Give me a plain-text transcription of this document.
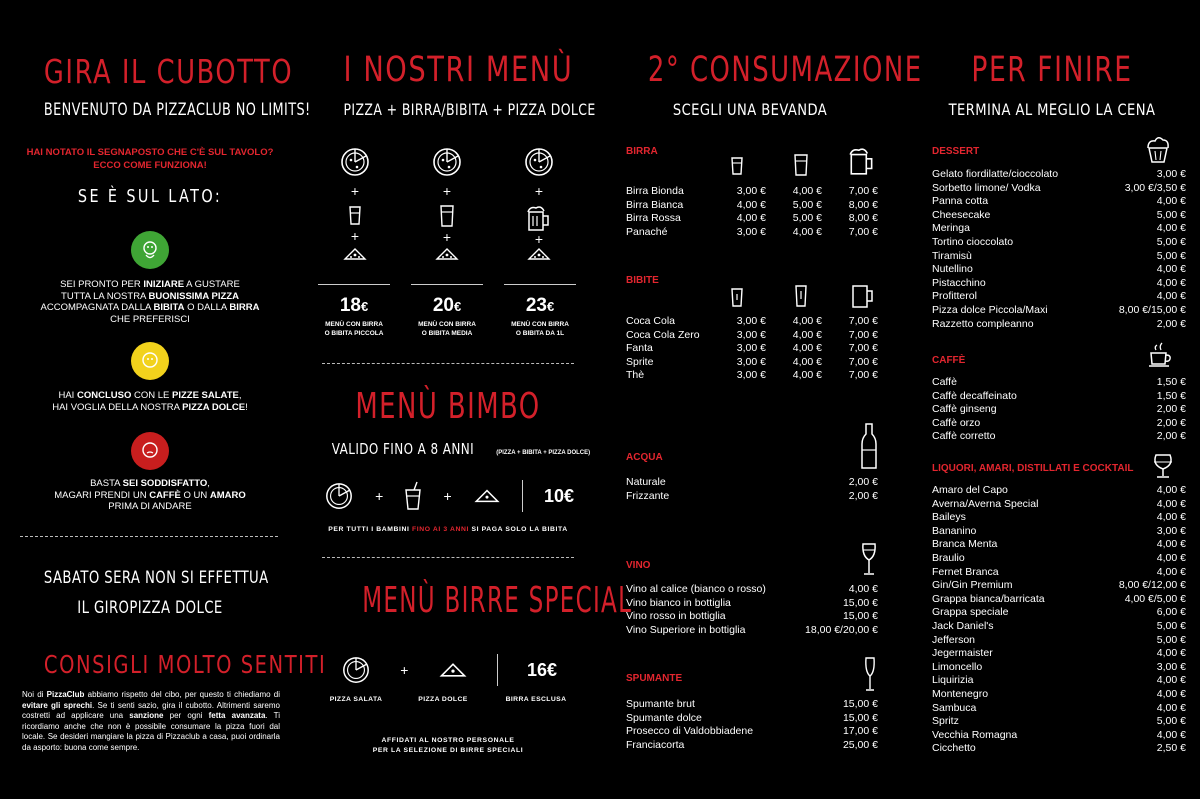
GIRA IL CUBOTTO
BENVENUTO DA PIZZACLUB NO LIMITS!
HAI NOTATO IL SEGNAPOSTO CHE C'È SUL TAVOLO?
ECCO COME FUNZIONA!
SE È SUL LATO:
SEI PRONTO PER INIZIARE A GUSTARE
TUTTA LA NOSTRA BUONISSIMA PIZZA
ACCOMPAGNATA DALLA BIBITA O DALLA BIRRA
CHE PREFERISCI
HAI CONCLUSO CON LE PIZZE SALATE,
HAI VOGLIA DELLA NOSTRA PIZZA DOLCE!
BASTA SEI SODDISFATTO,
MAGARI PRENDI UN CAFFÈ O UN AMARO
PRIMA DI ANDARE
SABATO SERA NON SI EFFETTUA
IL GIROPIZZA DOLCE
CONSIGLI MOLTO SENTITI
Noi di PizzaClub abbiamo rispetto del cibo, per questo ti chiediamo di evitare gli sprechi. Se ti senti sazio, gira il cubotto. Altrimenti saremo costretti ad applicare una sanzione per ogni fetta avanzata. Ti ricordiamo anche che non è possibile consumare la pizza fuori dal locale. Se desideri mangiare la pizza di Pizzaclub a casa, puoi ordinarla da asporto: buona come sempre.
I NOSTRI MENÙ
PIZZA + BIRRA/BIBITA + PIZZA DOLCE
+
+
+
+
+
+
18€
MENÙ CON BIRRA
O BIBITA PICCOLA
20€
MENÙ CON BIRRA
O BIBITA MEDIA
23€
MENÙ CON BIRRA
O BIBITA DA 1L
MENÙ BIMBO
VALIDO FINO A 8 ANNI	(PIZZA + BIBITA + PIZZA DOLCE)
+	+	10€
PER TUTTI I BAMBINI FINO AI 3 ANNI SI PAGA SOLO LA BIBITA
MENÙ BIRRE SPECIAL
+	16€
PIZZA SALATA	PIZZA DOLCE	BIRRA ESCLUSA
AFFIDATI AL NOSTRO PERSONALE
PER LA SELEZIONE DI BIRRE SPECIALI
2° CONSUMAZIONE
SCEGLI UNA BEVANDA
BIRRA
Birra Bionda	3,00 €	4,00 €	7,00 €
Birra Bianca	4,00 €	5,00 €	8,00 €
Birra Rossa	4,00 €	5,00 €	8,00 €
Panaché	3,00 €	4,00 €	7,00 €
BIBITE
Coca Cola	3,00 €	4,00 €	7,00 €
Coca Cola Zero	3,00 €	4,00 €	7,00 €
Fanta	3,00 €	4,00 €	7,00 €
Sprite	3,00 €	4,00 €	7,00 €
Thè	3,00 €	4,00 €	7,00 €
ACQUA
Naturale	2,00 €
Frizzante	2,00 €
VINO
Vino al calice (bianco o rosso)	4,00 €
Vino bianco in bottiglia	15,00 €
Vino rosso in bottiglia	15,00 €
Vino Superiore in bottiglia	18,00 €/20,00 €
SPUMANTE
Spumante brut	15,00 €
Spumante dolce	15,00 €
Prosecco di Valdobbiadene	17,00 €
Franciacorta	25,00 €
PER FINIRE
TERMINA AL MEGLIO LA CENA
DESSERT
Gelato fiordilatte/cioccolato	3,00 €
Sorbetto limone/ Vodka	3,00 €/3,50 €
Panna cotta	4,00 €
Cheesecake	5,00 €
Meringa	4,00 €
Tortino cioccolato	5,00 €
Tiramisù	5,00 €
Nutellino	4,00 €
Pistacchino	4,00 €
Profitterol	4,00 €
Pizza dolce Piccola/Maxi	8,00 €/15,00 €
Razzetto compleanno	2,00 €
CAFFÈ
Caffè	1,50 €
Caffè decaffeinato	1,50 €
Caffè ginseng	2,00 €
Caffè orzo	2,00 €
Caffè corretto	2,00 €
LIQUORI, AMARI, DISTILLATI E COCKTAIL
Amaro del Capo	4,00 €
Averna/Averna Special	4,00 €
Baileys	4,00 €
Bananino	3,00 €
Branca Menta	4,00 €
Braulio	4,00 €
Fernet Branca	4,00 €
Gin/Gin Premium	8,00 €/12,00 €
Grappa bianca/barricata	4,00 €/5,00 €
Grappa speciale	6,00 €
Jack Daniel's	5,00 €
Jefferson	5,00 €
Jegermaister	4,00 €
Limoncello	3,00 €
Liquirizia	4,00 €
Montenegro	4,00 €
Sambuca	4,00 €
Spritz	5,00 €
Vecchia Romagna	4,00 €
Cicchetto	2,50 €
